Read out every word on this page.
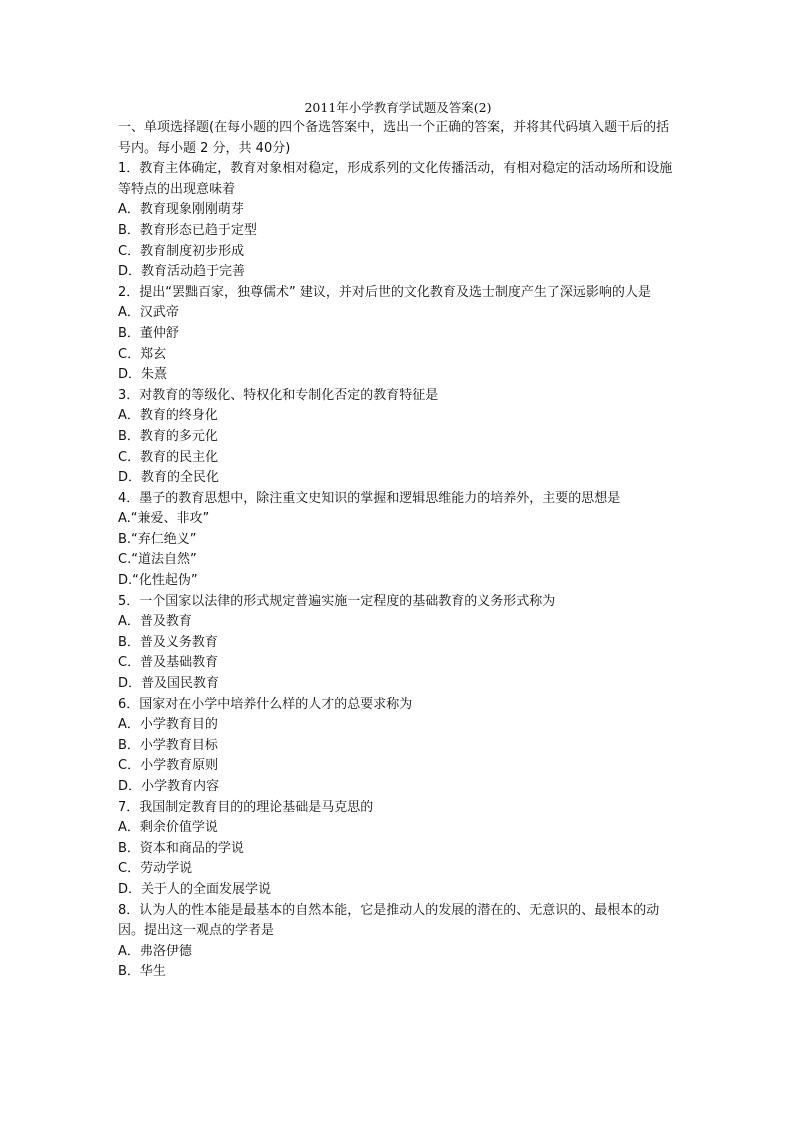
2011年小学教育学试题及答案(2)

一、单项选择题(在每小题的四个备选答案中，选出一个正确的答案，并将其代码填入题干后的括号内。每小题 2 分，共 40分)

1．教育主体确定，教育对象相对稳定，形成系列的文化传播活动，有相对稳定的活动场所和设施等特点的出现意味着

A．教育现象刚刚萌芽

B．教育形态已趋于定型

C．教育制度初步形成

D．教育活动趋于完善

2．提出“罢黜百家，独尊儒术” 建议，并对后世的文化教育及选士制度产生了深远影响的人是

A．汉武帝

B．董仲舒

C．郑玄

D．朱熹

3．对教育的等级化、特权化和专制化否定的教育特征是

A．教育的终身化

B．教育的多元化

C．教育的民主化

D．教育的全民化

4．墨子的教育思想中，除注重文史知识的掌握和逻辑思维能力的培养外，主要的思想是

A.“兼爱、非攻”

B.“弃仁绝义”

C.“道法自然”

D.“化性起伪”

5．一个国家以法律的形式规定普遍实施一定程度的基础教育的义务形式称为

A．普及教育

B．普及义务教育

C．普及基础教育

D．普及国民教育

6．国家对在小学中培养什么样的人才的总要求称为

A．小学教育目的

B．小学教育目标

C．小学教育原则

D．小学教育内容

7．我国制定教育目的的理论基础是马克思的

A．剩余价值学说

B．资本和商品的学说

C．劳动学说

D．关于人的全面发展学说

8．认为人的性本能是最基本的自然本能，它是推动人的发展的潜在的、无意识的、最根本的动因。提出这一观点的学者是

A．弗洛伊德

B．华生
